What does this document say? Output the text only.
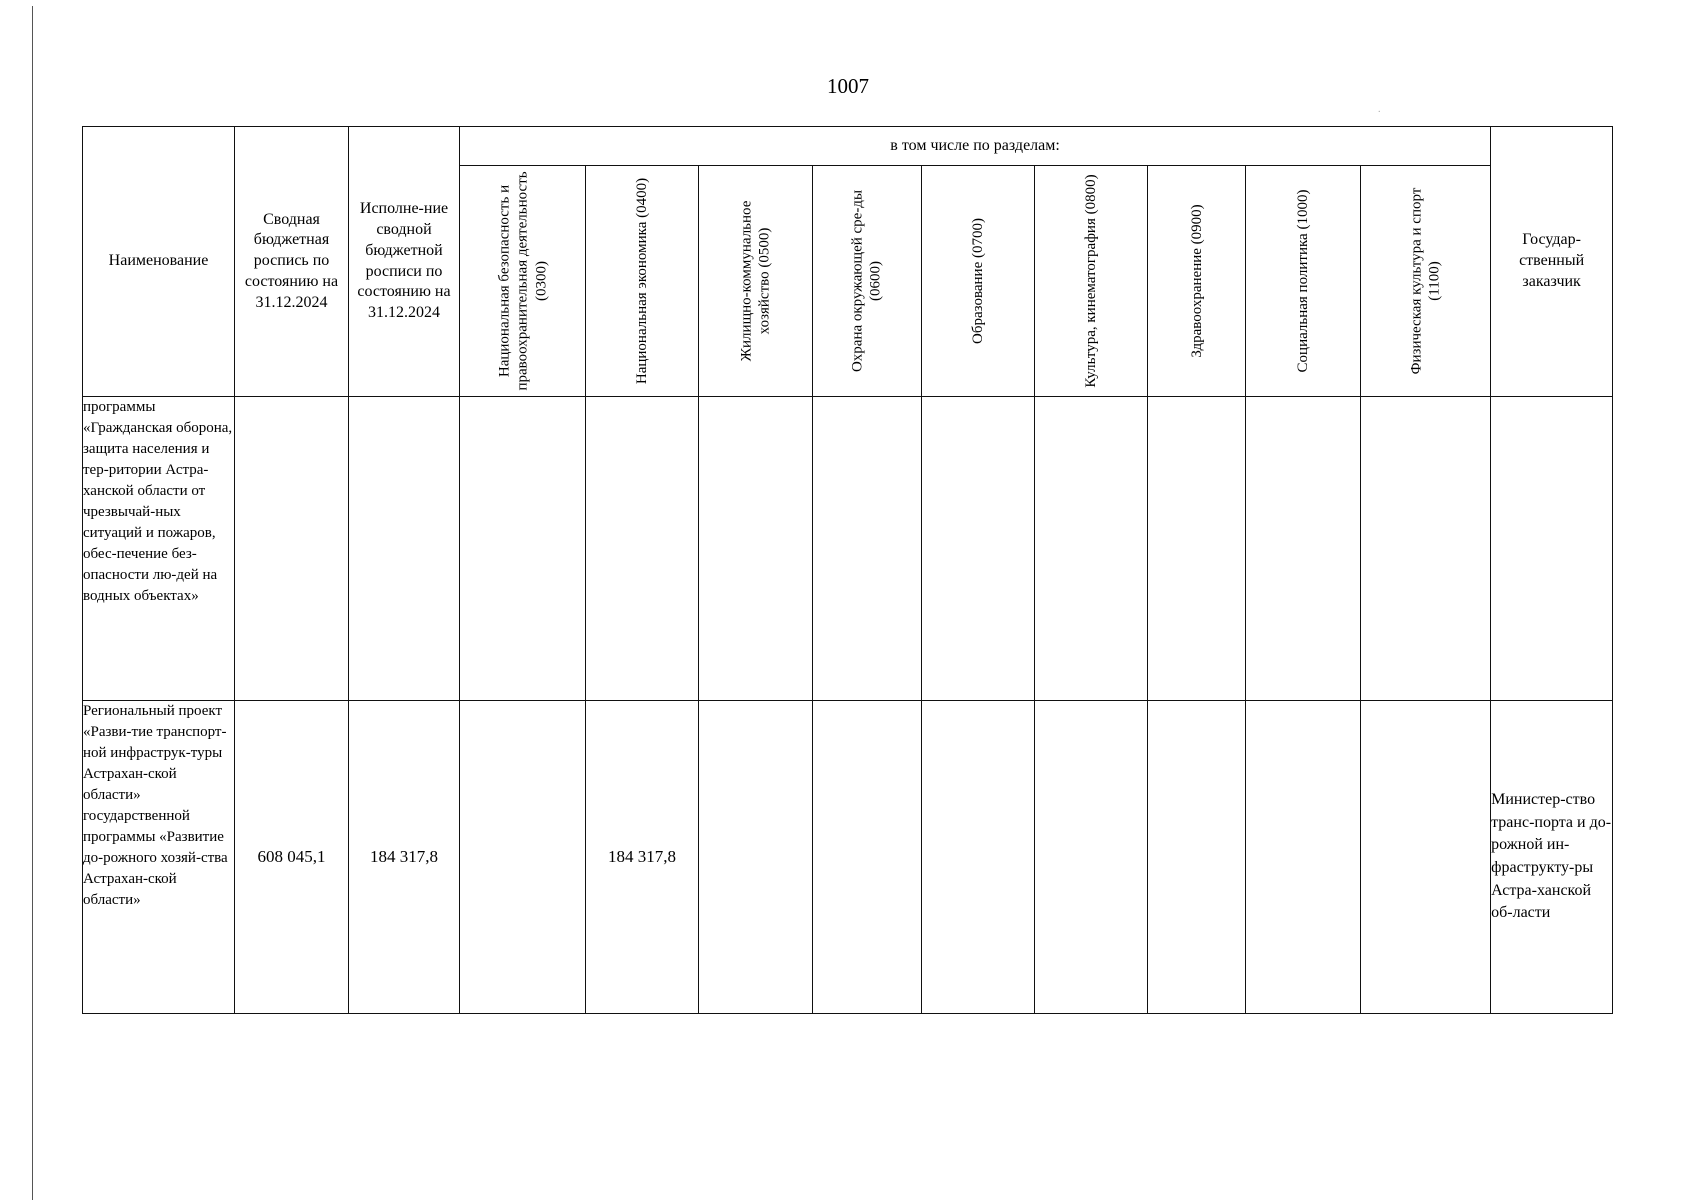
.
1007
Наименование	Сводная бюджетная роспись по состоянию на 31.12.2024	Исполне-ние сводной бюджетной росписи по состоянию на 31.12.2024	в том числе по разделам:									Государ-ственный заказчик

			Национальная безопасность и правоохранительная деятельность (0300)	Национальная экономика (0400)	Жилищно-коммунальное хозяйство (0500)	Охрана окружающей сре-ды (0600)	Образование (0700)	Культура, кинематография (0800)	Здравоохранение (0900)	Социальная политика (1000)	Физическая культура и спорт (1100)	

программы «Гражданская оборона, защита населения и тер-ритории Астра-ханской области от чрезвычай-ных ситуаций и пожаров, обес-печение без-опасности лю-дей на водных объектах»												
Региональный проект «Разви-тие транспорт-ной инфраструк-туры Астрахан-ской области» государственной программы «Развитие до-рожного хозяй-ства Астрахан-ской области»	608 045,1	184 317,8		184 317,8								Министер-ство транс-порта и до-рожной ин-фраструкту-ры Астра-ханской об-ласти
